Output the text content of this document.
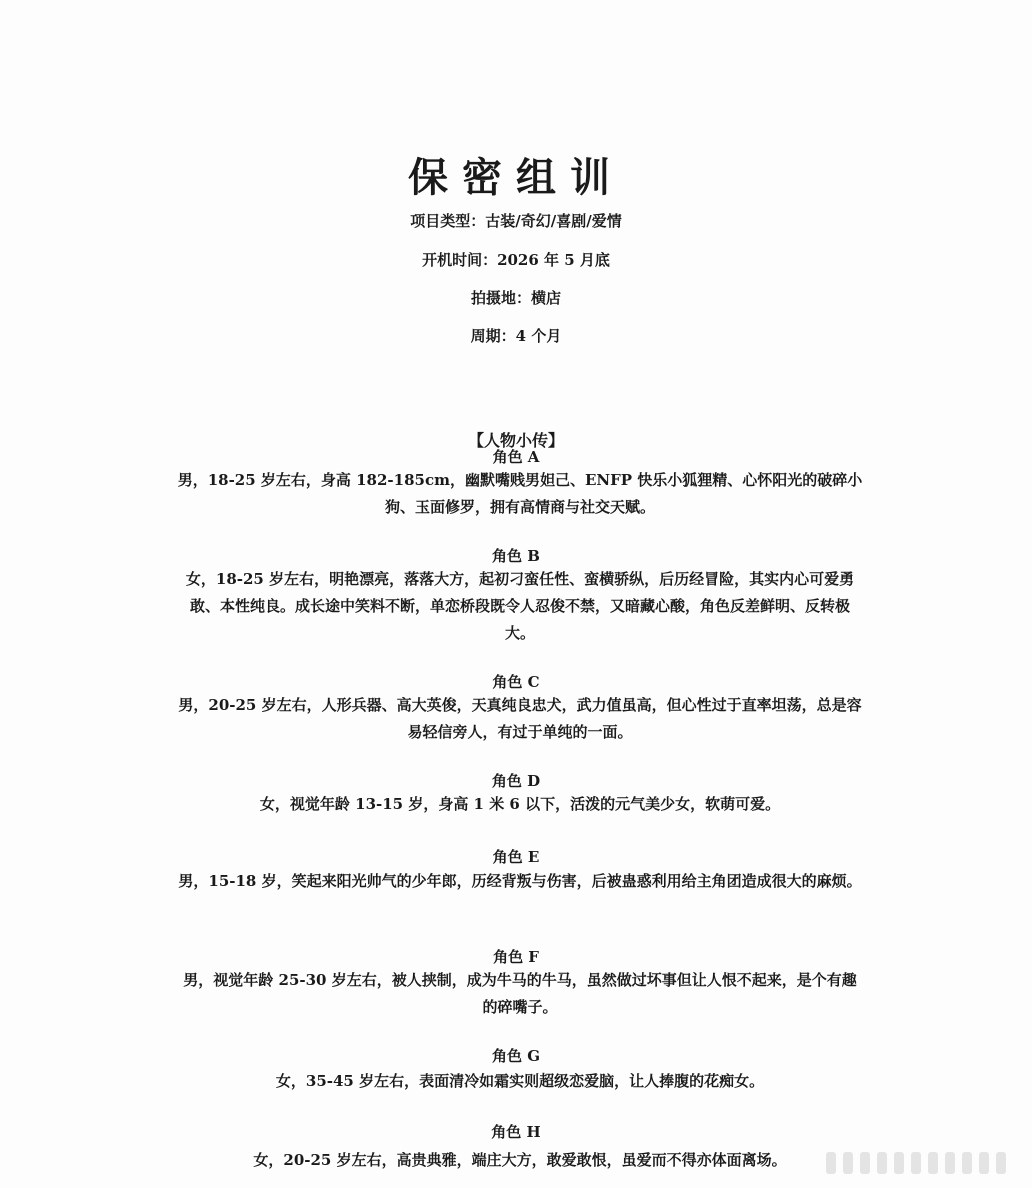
保密组训
项目类型：古装/奇幻/喜剧/爱情
开机时间：2026 年 5 月底
拍摄地：横店
周期：4 个月
【人物小传】
角色 A
男，18-25 岁左右，身高 182-185cm，幽默嘴贱男妲己、ENFP 快乐小狐狸精、心怀阳光的破碎小狗、玉面修罗，拥有高情商与社交天赋。
角色 B
女，18-25 岁左右，明艳漂亮，落落大方，起初刁蛮任性、蛮横骄纵，后历经冒险，其实内心可爱勇敢、本性纯良。成长途中笑料不断，单恋桥段既令人忍俊不禁，又暗藏心酸，角色反差鲜明、反转极大。
角色 C
男，20-25 岁左右，人形兵器、高大英俊，天真纯良忠犬，武力值虽高，但心性过于直率坦荡，总是容易轻信旁人，有过于单纯的一面。
角色 D
女，视觉年龄 13-15 岁，身高 1 米 6 以下，活泼的元气美少女，软萌可爱。
角色 E
男，15-18 岁，笑起来阳光帅气的少年郎，历经背叛与伤害，后被蛊惑利用给主角团造成很大的麻烦。
角色 F
男，视觉年龄 25-30 岁左右，被人挟制，成为牛马的牛马，虽然做过坏事但让人恨不起来，是个有趣的碎嘴子。
角色 G
女，35-45 岁左右，表面清冷如霜实则超级恋爱脑，让人捧腹的花痴女。
角色 H
女，20-25 岁左右，高贵典雅，端庄大方，敢爱敢恨，虽爱而不得亦体面离场。
